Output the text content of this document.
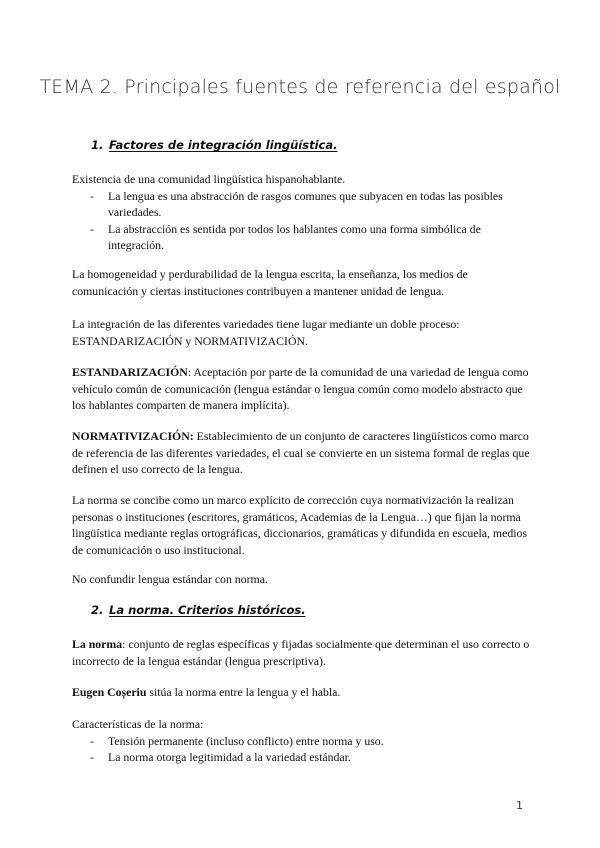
TEMA 2. Principales fuentes de referencia del español
1. Factores de integración lingüística.

Existencia de una comunidad lingüística hispanohablante.

- La lengua es una abstracción de rasgos comunes que subyacen en todas las posibles variedades.
- La abstracción es sentida por todos los hablantes como una forma simbólica de integración.

La homogeneidad y perdurabilidad de la lengua escrita, la enseñanza, los medios de comunicación y ciertas instituciones contribuyen a mantener unidad de lengua.

La integración de las diferentes variedades tiene lugar mediante un doble proceso: ESTANDARIZACIÓN y NORMATIVIZACIÓN.

ESTANDARIZACIÓN: Aceptación por parte de la comunidad de una variedad de lengua como vehículo común de comunicación (lengua estándar o lengua común como modelo abstracto que los hablantes comparten de manera implícita).

NORMATIVIZACIÓN: Establecimiento de un conjunto de caracteres lingüísticos como marco de referencia de las diferentes variedades, el cual se convierte en un sistema formal de reglas que definen el uso correcto de la lengua.

La norma se concibe como un marco explícito de corrección cuya normativización la realizan personas o instituciones (escritores, gramáticos, Academias de la Lengua…) que fijan la norma lingüística mediante reglas ortográficas, diccionarios, gramáticas y difundida en escuela, medios de comunicación o uso institucional.

No confundir lengua estándar con norma.

2. La norma. Criterios históricos.

La norma: conjunto de reglas específicas y fijadas socialmente que determinan el uso correcto o incorrecto de la lengua estándar (lengua prescriptiva).

Eugen Coșeriu sitúa la norma entre la lengua y el habla.

Características de la norma:

- Tensión permanente (incluso conflicto) entre norma y uso.
- La norma otorga legitimidad a la variedad estándar.
1
